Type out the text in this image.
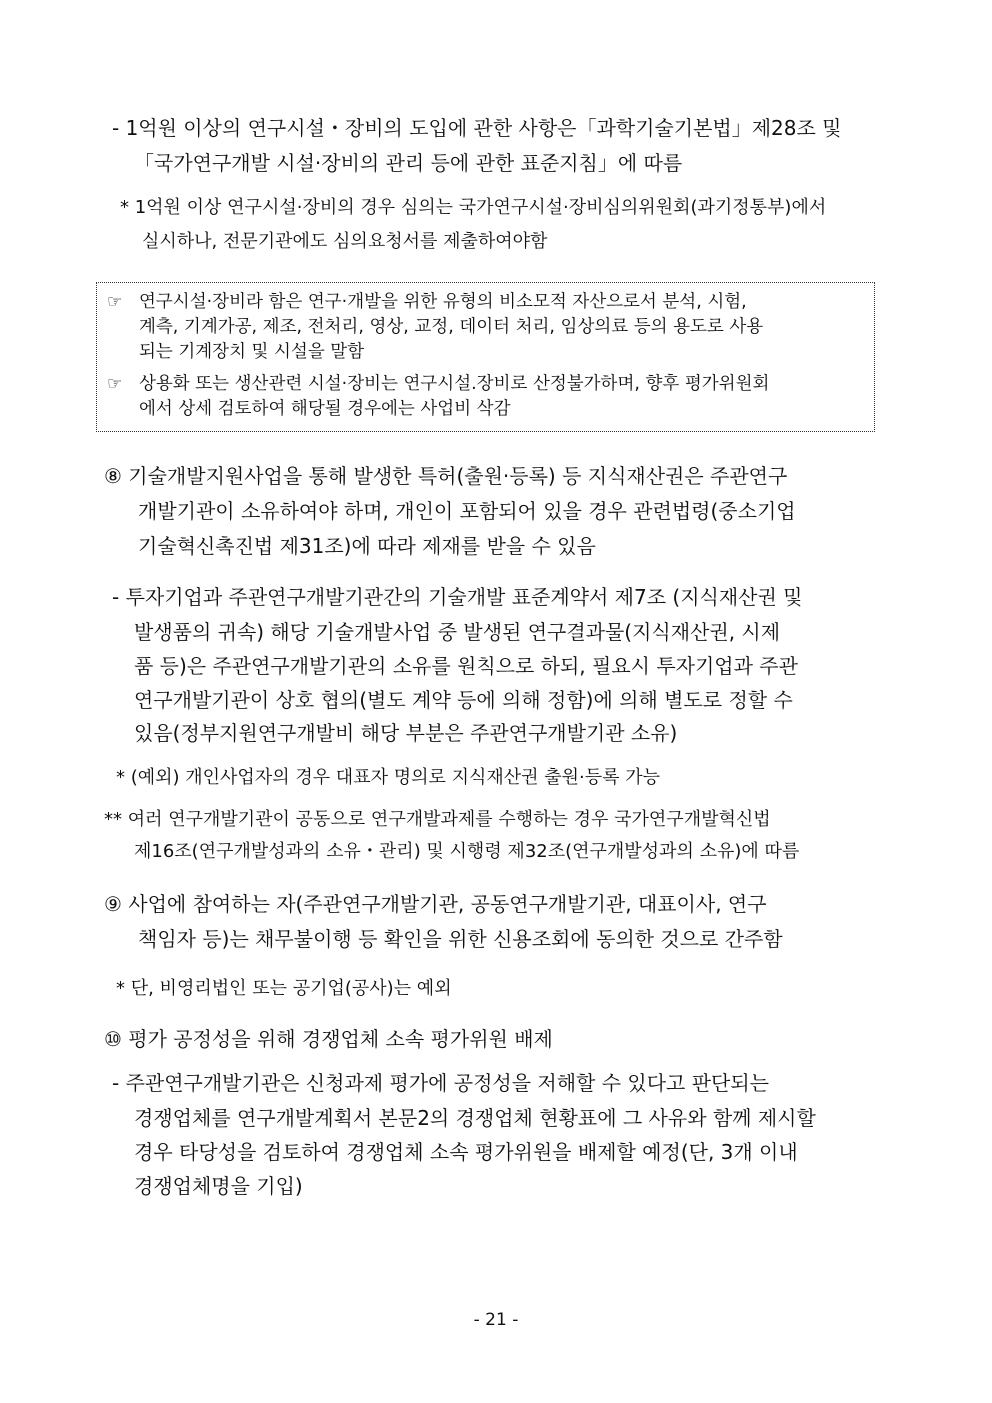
- 1억원 이상의 연구시설・장비의 도입에 관한 사항은「과학기술기본법」제28조 및
「국가연구개발 시설·장비의 관리 등에 관한 표준지침」에 따름
* 1억원 이상 연구시설·장비의 경우 심의는 국가연구시설·장비심의위원회(과기정통부)에서
실시하나, 전문기관에도 심의요청서를 제출하여야함
☞ 연구시설·장비라 함은 연구·개발을 위한 유형의 비소모적 자산으로서 분석, 시험,
계측, 기계가공, 제조, 전처리, 영상, 교정, 데이터 처리, 임상의료 등의 용도로 사용
되는 기계장치 및 시설을 말함
☞ 상용화 또는 생산관련 시설·장비는 연구시설.장비로 산정불가하며, 향후 평가위원회
에서 상세 검토하여 해당될 경우에는 사업비 삭감
⑧ 기술개발지원사업을 통해 발생한 특허(출원·등록) 등 지식재산권은 주관연구
개발기관이 소유하여야 하며, 개인이 포함되어 있을 경우 관련법령(중소기업
기술혁신촉진법 제31조)에 따라 제재를 받을 수 있음
- 투자기업과 주관연구개발기관간의 기술개발 표준계약서 제7조 (지식재산권 및
발생품의 귀속) 해당 기술개발사업 중 발생된 연구결과물(지식재산권, 시제
품 등)은 주관연구개발기관의 소유를 원칙으로 하되, 필요시 투자기업과 주관
연구개발기관이 상호 협의(별도 계약 등에 의해 정함)에 의해 별도로 정할 수
있음(정부지원연구개발비 해당 부분은 주관연구개발기관 소유)
* (예외) 개인사업자의 경우 대표자 명의로 지식재산권 출원·등록 가능
** 여러 연구개발기관이 공동으로 연구개발과제를 수행하는 경우 국가연구개발혁신법
제16조(연구개발성과의 소유・관리) 및 시행령 제32조(연구개발성과의 소유)에 따름
⑨ 사업에 참여하는 자(주관연구개발기관, 공동연구개발기관, 대표이사, 연구
책임자 등)는 채무불이행 등 확인을 위한 신용조회에 동의한 것으로 간주함
* 단, 비영리법인 또는 공기업(공사)는 예외
⑩ 평가 공정성을 위해 경쟁업체 소속 평가위원 배제
- 주관연구개발기관은 신청과제 평가에 공정성을 저해할 수 있다고 판단되는
경쟁업체를 연구개발계획서 본문2의 경쟁업체 현황표에 그 사유와 함께 제시할
경우 타당성을 검토하여 경쟁업체 소속 평가위원을 배제할 예정(단, 3개 이내
경쟁업체명을 기입)
- 21 -
